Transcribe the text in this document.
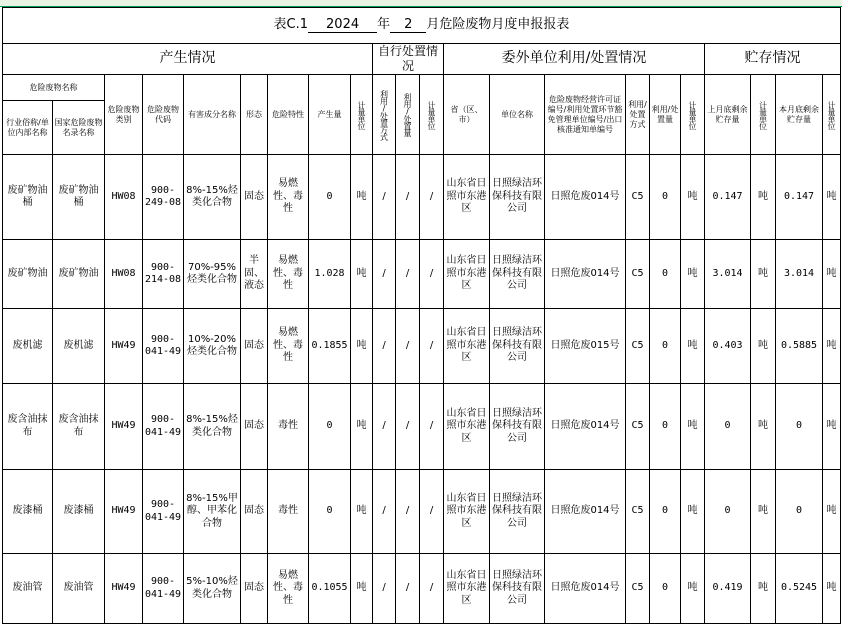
表C.1 2024 年 2 月危险废物月度申报报表																					
产生情况									自行处置情况			委外单位利用/处置情况						贮存情况			
危险废物名称		危险废物类别	危险废物代码	有害成分名称	形态	危险特性	产生量	计量单位	利用/处置方式	利用/处置量	计量单位	省（区、市）	单位名称	危险废物经营许可证编号/利用处置环节豁免管理单位编号/出口核准通知单编号	利用/处置方式	利用/处置量	计量单位	上月底剩余贮存量	计量单位	本月底剩余贮存量	计量单位
行业俗称/单位内部名称	国家危险废物名录名称																				
废矿物油桶	废矿物油桶	HW08	900-249-08	8%-15%烃类化合物	固态	易燃性、毒性	0	吨	/	/	/	山东省日照市东港区	日照绿洁环保科技有限公司	日照危废014号	C5	0	吨	0.147	吨	0.147	吨
废矿物油	废矿物油	HW08	900-214-08	70%-95%烃类化合物	半固、液态	易燃性、毒性	1.028	吨	/	/	/	山东省日照市东港区	日照绿洁环保科技有限公司	日照危废014号	C5	0	吨	3.014	吨	3.014	吨
废机滤	废机滤	HW49	900-041-49	10%-20%烃类化合物	固态	易燃性、毒性	0.1855	吨	/	/	/	山东省日照市东港区	日照绿洁环保科技有限公司	日照危废015号	C5	0	吨	0.403	吨	0.5885	吨
废含油抹布	废含油抹布	HW49	900-041-49	8%-15%烃类化合物	固态	毒性	0	吨	/	/	/	山东省日照市东港区	日照绿洁环保科技有限公司	日照危废014号	C5	0	吨	0	吨	0	吨
废漆桶	废漆桶	HW49	900-041-49	8%-15%甲醇、甲苯化合物	固态	毒性	0	吨	/	/	/	山东省日照市东港区	日照绿洁环保科技有限公司	日照危废014号	C5	0	吨	0	吨	0	吨
废油管	废油管	HW49	900-041-49	5%-10%烃类化合物	固态	易燃性、毒性	0.1055	吨	/	/	/	山东省日照市东港区	日照绿洁环保科技有限公司	日照危废014号	C5	0	吨	0.419	吨	0.5245	吨
